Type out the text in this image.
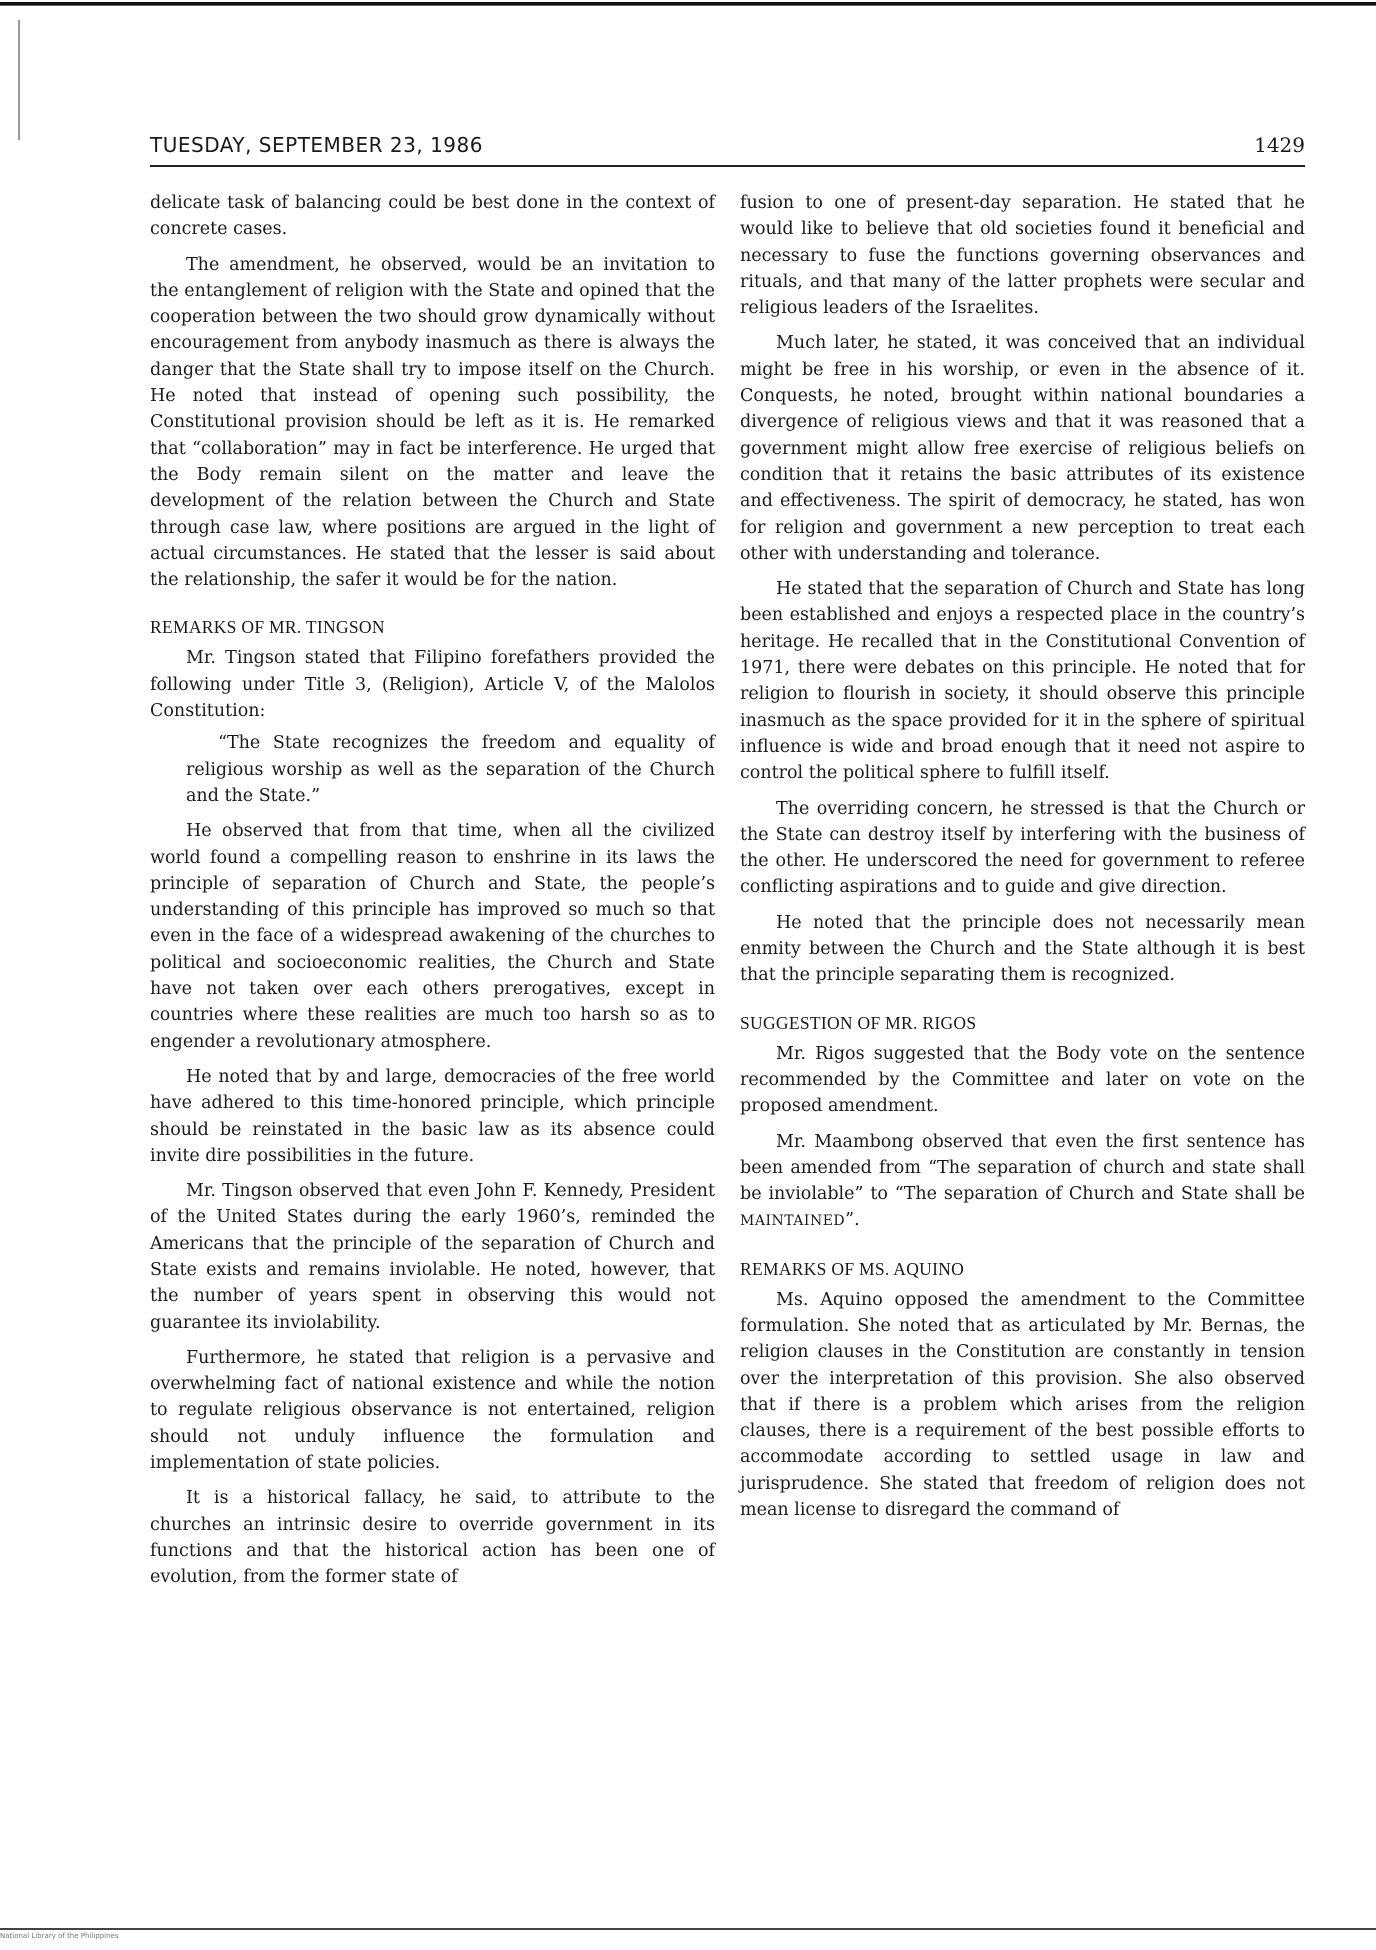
TUESDAY, SEPTEMBER 23, 1986	1429

delicate task of balancing could be best done in the context of concrete cases.

The amendment, he observed, would be an invitation to the entanglement of religion with the State and opined that the cooperation between the two should grow dynamically without encouragement from anybody inasmuch as there is always the danger that the State shall try to impose itself on the Church. He noted that instead of opening such possibility, the Constitutional provision should be left as it is. He remarked that “collaboration” may in fact be interference. He urged that the Body remain silent on the matter and leave the development of the relation between the Church and State through case law, where positions are argued in the light of actual circumstances. He stated that the lesser is said about the relationship, the safer it would be for the nation.

REMARKS OF MR. TINGSON

Mr. Tingson stated that Filipino forefathers provided the following under Title 3, (Religion), Article V, of the Malolos Constitution:

“The State recognizes the freedom and equality of religious worship as well as the separation of the Church and the State.”

He observed that from that time, when all the civilized world found a compelling reason to enshrine in its laws the principle of separation of Church and State, the people’s understanding of this principle has improved so much so that even in the face of a widespread awakening of the churches to political and socioeconomic realities, the Church and State have not taken over each others prerogatives, except in countries where these realities are much too harsh so as to engender a revolutionary atmosphere.

He noted that by and large, democracies of the free world have adhered to this time-honored principle, which principle should be reinstated in the basic law as its absence could invite dire possibilities in the future.

Mr. Tingson observed that even John F. Kennedy, President of the United States during the early 1960’s, reminded the Americans that the principle of the separation of Church and State exists and remains inviolable. He noted, however, that the number of years spent in observing this would not guarantee its inviolability.

Furthermore, he stated that religion is a pervasive and overwhelming fact of national existence and while the notion to regulate religious observance is not entertained, religion should not unduly influence the formulation and implementation of state policies.

It is a historical fallacy, he said, to attribute to the churches an intrinsic desire to override government in its functions and that the historical action has been one of evolution, from the former state of

fusion to one of present-day separation. He stated that he would like to believe that old societies found it beneficial and necessary to fuse the functions governing observances and rituals, and that many of the latter prophets were secular and religious leaders of the Israelites.

Much later, he stated, it was conceived that an individual might be free in his worship, or even in the absence of it. Conquests, he noted, brought within national boundaries a divergence of religious views and that it was reasoned that a government might allow free exercise of religious beliefs on condition that it retains the basic attributes of its existence and effectiveness. The spirit of democracy, he stated, has won for religion and government a new perception to treat each other with understanding and tolerance.

He stated that the separation of Church and State has long been established and enjoys a respected place in the country’s heritage. He recalled that in the Constitutional Convention of 1971, there were debates on this principle. He noted that for religion to flourish in society, it should observe this principle inasmuch as the space provided for it in the sphere of spiritual influence is wide and broad enough that it need not aspire to control the political sphere to fulfill itself.

The overriding concern, he stressed is that the Church or the State can destroy itself by interfering with the business of the other. He underscored the need for government to referee conflicting aspirations and to guide and give direction.

He noted that the principle does not necessarily mean enmity between the Church and the State although it is best that the principle separating them is recognized.

SUGGESTION OF MR. RIGOS

Mr. Rigos suggested that the Body vote on the sentence recommended by the Committee and later on vote on the proposed amendment.

Mr. Maambong observed that even the first sentence has been amended from “The separation of church and state shall be inviolable” to “The separation of Church and State shall be MAINTAINED”.

REMARKS OF MS. AQUINO

Ms. Aquino opposed the amendment to the Committee formulation. She noted that as articulated by Mr. Bernas, the religion clauses in the Constitution are constantly in tension over the interpretation of this provision. She also observed that if there is a problem which arises from the religion clauses, there is a requirement of the best possible efforts to accommodate according to settled usage in law and jurisprudence. She stated that freedom of religion does not mean license to disregard the command of

National Library of the Philippines
